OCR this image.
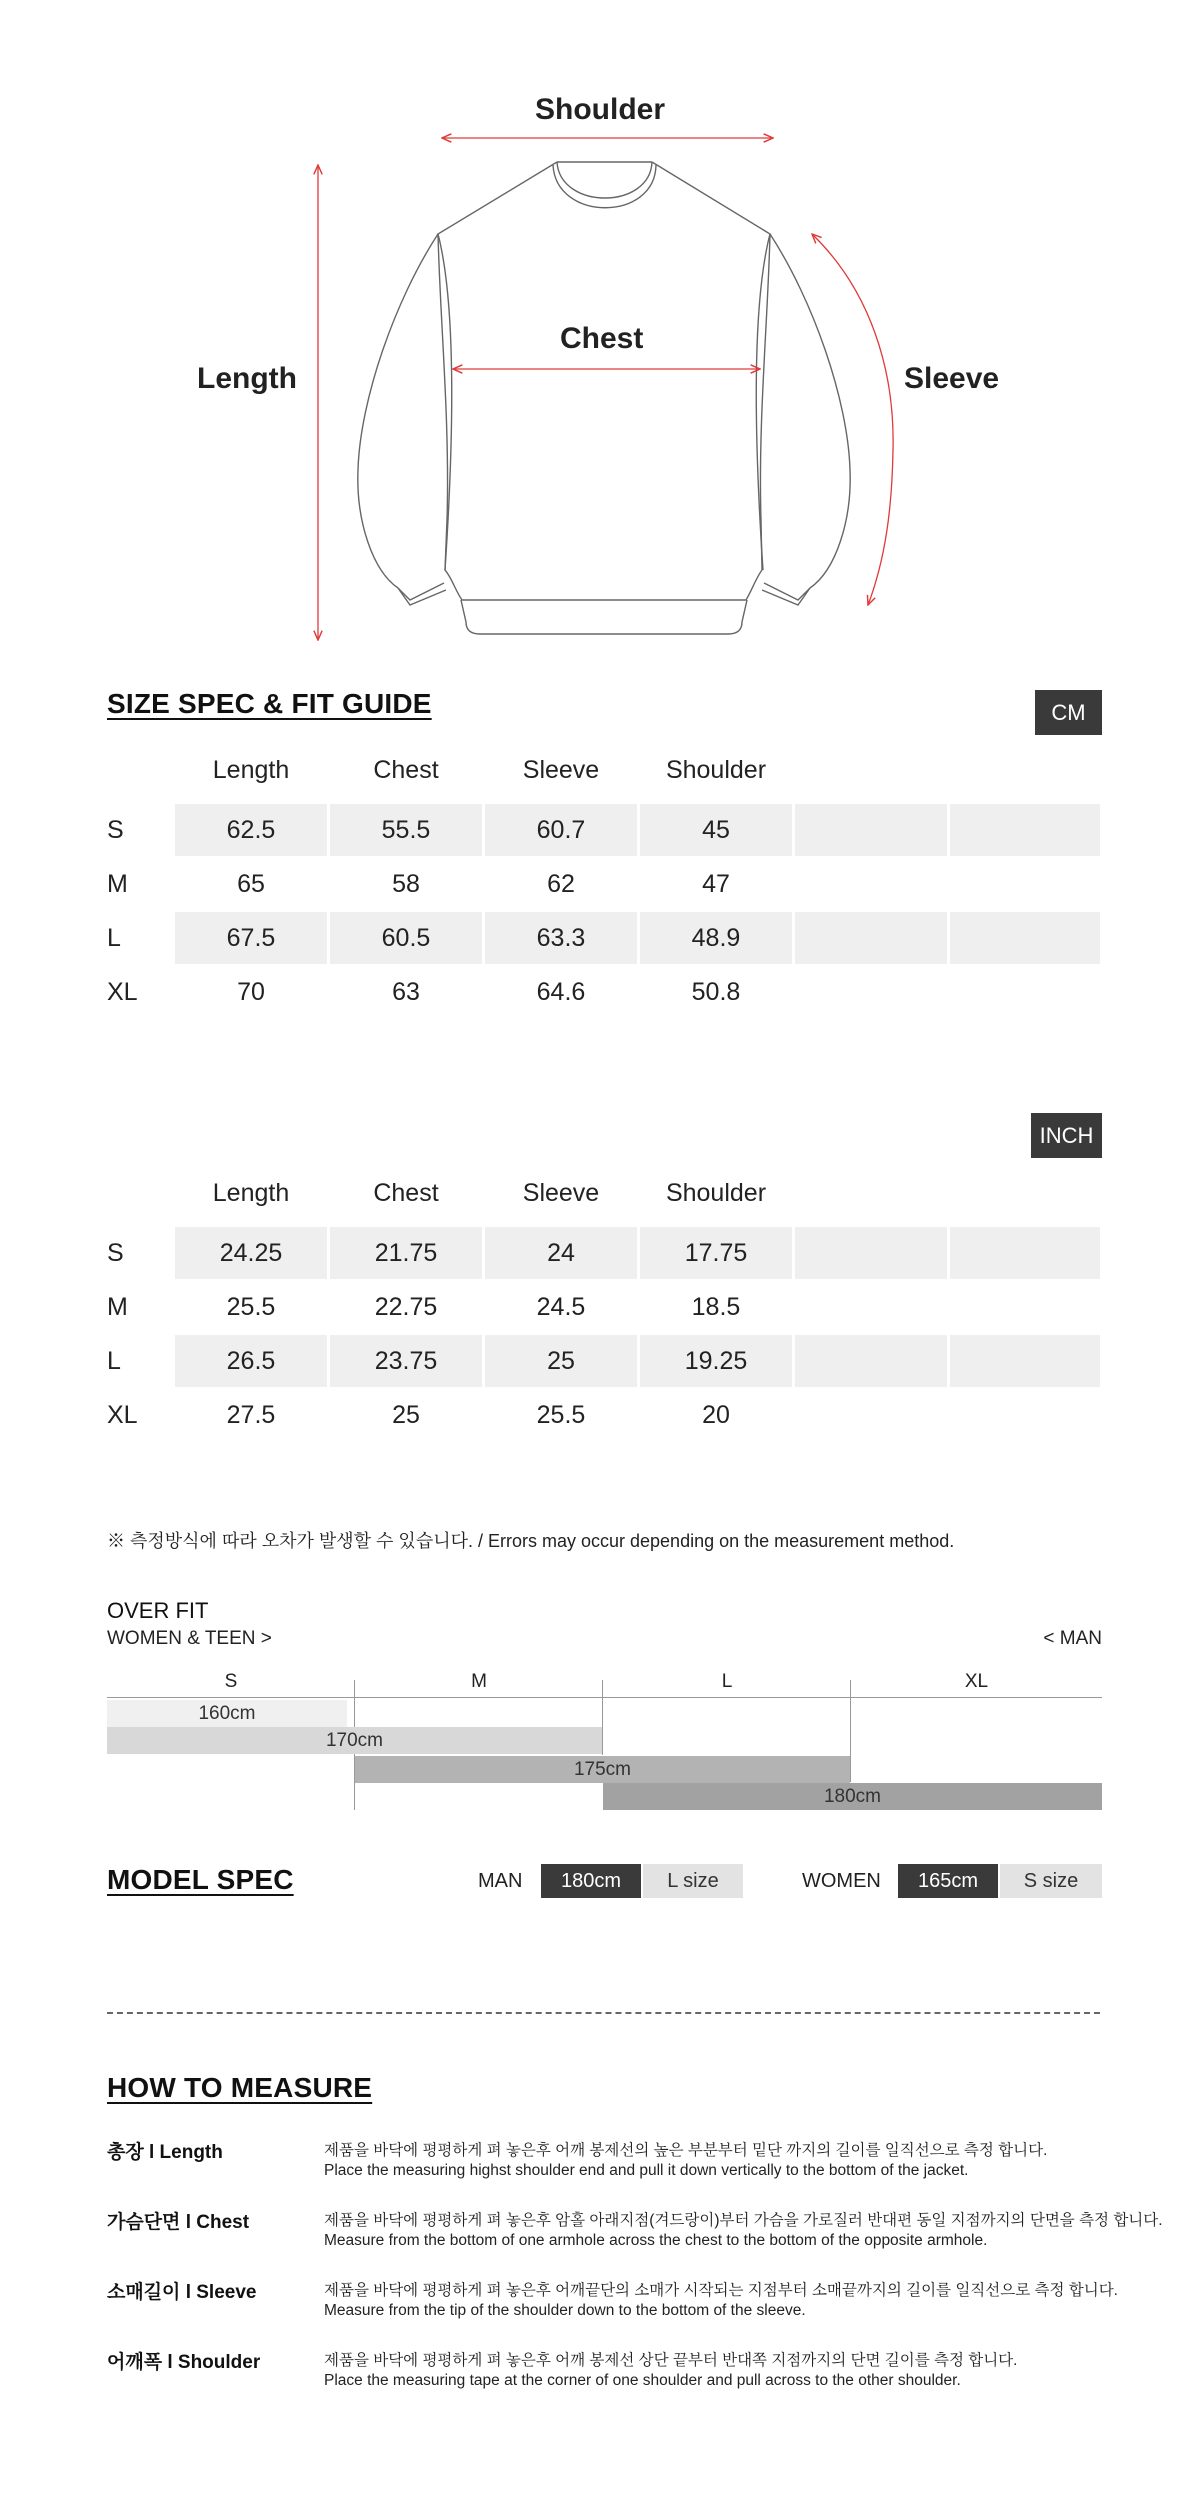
Shoulder
Chest
Length	Sleeve
SIZE SPEC & FIT GUIDE	CM
Length	Chest	Sleeve	Shoulder
S	62.5	55.5	60.7	45
M	65	58	62	47
L	67.5	60.5	63.3	48.9
XL	70	63	64.6	50.8
INCH
Length	Chest	Sleeve	Shoulder
S	24.25	21.75	24	17.75
M	25.5	22.75	24.5	18.5
L	26.5	23.75	25	19.25
XL	27.5	25	25.5	20
※ 측정방식에 따라 오차가 발생할 수 있습니다. / Errors may occur depending on the measurement method.
OVER FIT
WOMEN & TEEN >	< MAN
S	M	L	XL
160cm
170cm
175cm
180cm
MODEL SPEC	MAN	180cm	L size	WOMEN	165cm	S size
HOW TO MEASURE
총장 l Length	제품을 바닥에 평평하게 펴 놓은후 어깨 봉제선의 높은 부분부터 밑단 까지의 길이를 일직선으로 측정 합니다.
Place the measuring highst shoulder end and pull it down vertically to the bottom of the jacket.
가슴단면 l Chest	제품을 바닥에 평평하게 펴 놓은후 암홀 아래지점(겨드랑이)부터 가슴을 가로질러 반대편 동일 지점까지의 단면을 측정 합니다.
Measure from the bottom of one armhole across the chest to the bottom of the opposite armhole.
소매길이 l Sleeve	제품을 바닥에 평평하게 펴 놓은후 어깨끝단의 소매가 시작되는 지점부터 소매끝까지의 길이를 일직선으로 측정 합니다.
Measure from the tip of the shoulder down to the bottom of the sleeve.
어깨폭 l Shoulder	제품을 바닥에 평평하게 펴 놓은후 어깨 봉제선 상단 끝부터 반대쪽 지점까지의 단면 길이를 측정 합니다.
Place the measuring tape at the corner of one shoulder and pull across to the other shoulder.
